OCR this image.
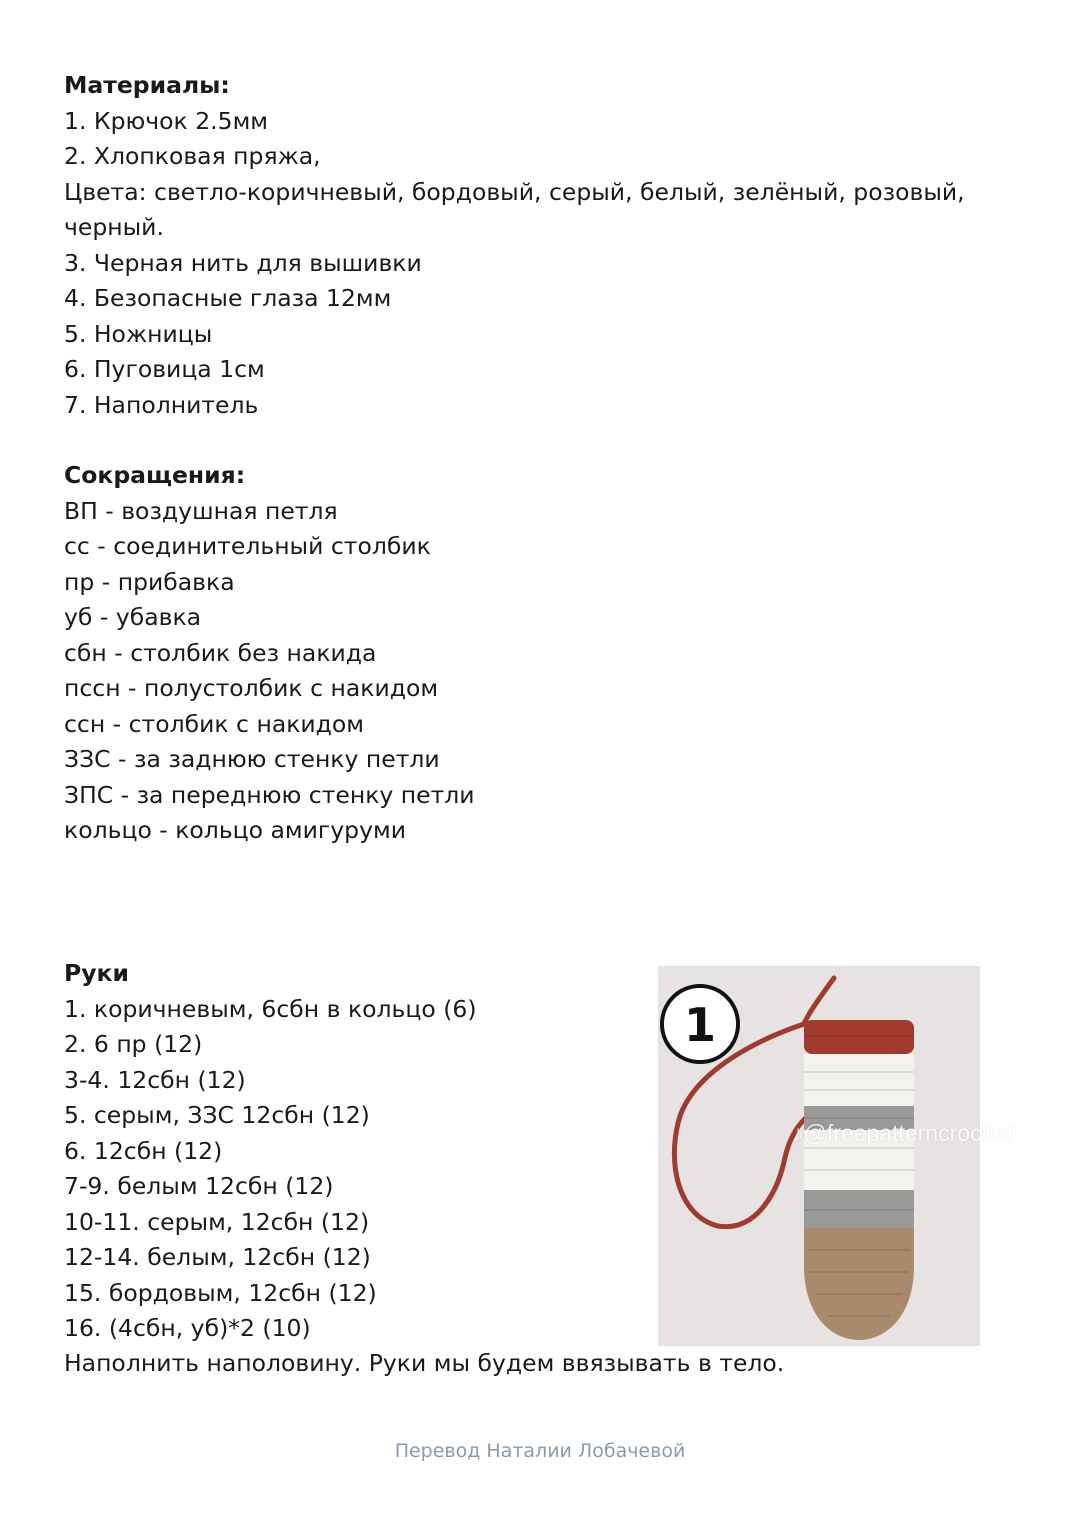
Материалы:
1. Крючок 2.5мм
2. Хлопковая пряжа,
Цвета: светло-коричневый, бордовый, серый, белый, зелёный, розовый,
черный.
3. Черная нить для вышивки
4. Безопасные глаза 12мм
5. Ножницы
6. Пуговица 1см
7. Наполнитель
Сокращения:
ВП - воздушная петля
сс - соединительный столбик
пр - прибавка
уб - убавка
сбн - столбик без накида
пссн - полустолбик с накидом
ссн - столбик с накидом
ЗЗС - за заднюю стенку петли
ЗПС - за переднюю стенку петли
кольцо - кольцо амигуруми
Руки
1. коричневым, 6сбн в кольцо (6)
2. 6 пр (12)
3-4. 12сбн (12)
5. серым, ЗЗС 12сбн (12)
6. 12сбн (12)
7-9. белым 12сбн (12)
10-11. серым, 12сбн (12)
12-14. белым, 12сбн (12)
15. бордовым, 12сбн (12)
16. (4сбн, уб)*2 (10)
Наполнить наполовину. Руки мы будем ввязывать в тело.
1
♪@freepatterncrochet
Перевод Наталии Лобачевой
